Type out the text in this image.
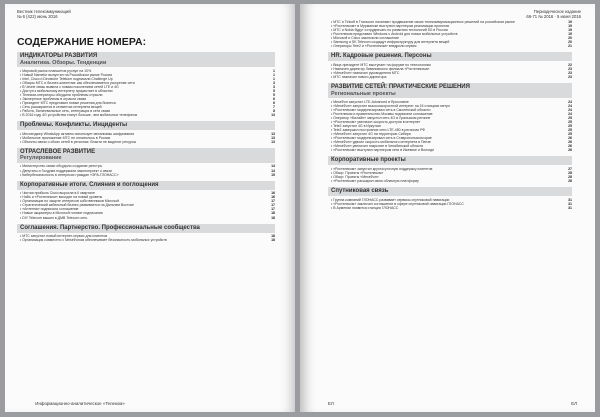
Вестник телекоммуникаций
№ 6 (422) июнь 2016
СОДЕРЖАНИЕ НОМЕРА:
ИНДИКАТОРЫ РАЗВИТИЯ
Аналитика. Обзоры. Тенденции
• Мировой рынок планшетов рухнул на 10%	1
• Новый Namefor выпустил на Российском рынке Россия	1
• Intel, Cisco и Deutsche Telekom подписали Challenge Up	1
• Обзоры МТС и бизнес-клиентам: как обеспечивается ускорение сети	3
• В Чечне связь вывела с новым поколением сетей LTE и 4G	3
• Доступ к мобильному интернету прирастает в областях	5
• Телеком-операторы обсудили проблемы отрасли	5
• Экспертные проблемы в отрасли связи	6
• Президент МТС представил новые решения для бизнеса	6
• Сеть расширяется в сегментах интернета вещей	7
• Работа, билингвальные сеть, интеграция в сети связи	8
• В 2016 году 4G устройства станут больше, чем мобильных телефонов	13
Проблемы. Конфликты. Инциденты
• Мессенджер WhatsApp активно использует механизмы шифрования	13
• Мобильное приложение МТС не оплатилось в России	13
• Объекты связи о сбоях сетей в регионах: Власти не выделят ресурсы	13
ОТРАСЛЕВОЕ РАЗВИТИЕ
Регулирование
• Министерство связи обсудило создание реестра	14
• Депутаты и Госдума поддержали законопроект о связи	14
• Кибербезопасность в интересах граждан «ЭРА-ГЛОНАСС»	15
Корпоративные итоги. Слияния и поглощения
• Чистая прибыль Cisco выросла в II квартале	16
• Hollis и «Ростелеком» выходят на новый уровень	16
• Организация по защите интересов собственников Microsoft	17
• Стратегический кабельный бизнес развивается на Дальнем Востоке	17
• «Антенна» подписала соглашение	17
• Новые акционеры в Microsoft готовят подписания	18
• DIY Telecom вышел в ДМВ Telecom сеть	18
Соглашения. Партнерство. Профессиональные сообщества
• МТС запустил новый интернет-сервис для клиентов	18
• Организация совместно с МегаФоном обеспечивает безопасность мобильных устройств	18
Информационно-аналитическое «Телеком»
Периодическое издание
66-71 № 2016 · 5 июня 2016
• МТС и Tinkoff в Transcom начинают продвижение своих телекоммуникационных решений на российском рынке	19
• «Ростелеком» в Мурманске выступил партнером реализации проектов	19
• МТС и Nokia будут сотрудничать по развитию технологий 5G в России	19
• Ростелеком представил Windows с Android для новых мобильных устройств	19
• Microsoft и Cisco заключили соглашение	20
• Samsung и SK Telecom создадут инфраструктуру для интернета вещей	20
• Операторы Tele2 и «Ростелеком» внедрили сервис	21
HR. Кадровые решения. Персоны
• Вице-президент МТС выступает на форуме по технологиям	22
• Назначен директор Ливановского филиала «Ростелекома»	23
• «МегаФон» назначил руководителя МТС	23
• МТС назначил нового директора	23
РАЗВИТИЕ СЕТЕЙ: ПРАКТИЧЕСКИЕ РЕШЕНИЯ
Региональные проекты
• МегаФон запустил LTE-Advanced в Ярославле	24
• «МегаФон» запустил высокоскоростной интернет на 15 станциях метро	24
• «Ростелеком» модернизировал сеть в Смоленской области	24
• Ростелеком и правительство Москвы подписали соглашение	24
• Оператор «Билайн» запустил сеть 4G в Уральском регионе	25
• «Ростелеком» увеличил скорость доступа в интернет	25
• Tele2 запустил 4G в Иркутске	25
• Tele2 завершил построение сети LTE-450 в регионах РФ	25
• «МегаФон» запустил 4G на территории Сибири	25
• «Ростелеком» модернизировал сеть в Ставропольском крае	26
• «МегаФон» удвоил скорость мобильного интернета в Пензе	26
• «МегаФон» увеличил покрытие в Челябинской области	26
• «Ростелеком» выступил партнером сети в Ижевске и Вологде	26
Корпоративные проекты
• «Ростелеком» запустил круглосуточную поддержку клиентов	27
• Обзор: Проекты «Ростелеком»	28
• Обзор: Проекты «МегаФон»	28
• «Ростелеком» расширил свою облачную платформу	28
Спутниковая связь
• Группа компаний ГЛОНАСС развивает сервисы спутниковой навигации	31
• «Ростелеком» заключил соглашение в сфере спутниковой навигации ГЛОНАСС	31
• В Армении появится станция ГЛОНАСС	31
ЕЛ	ЕЛ
